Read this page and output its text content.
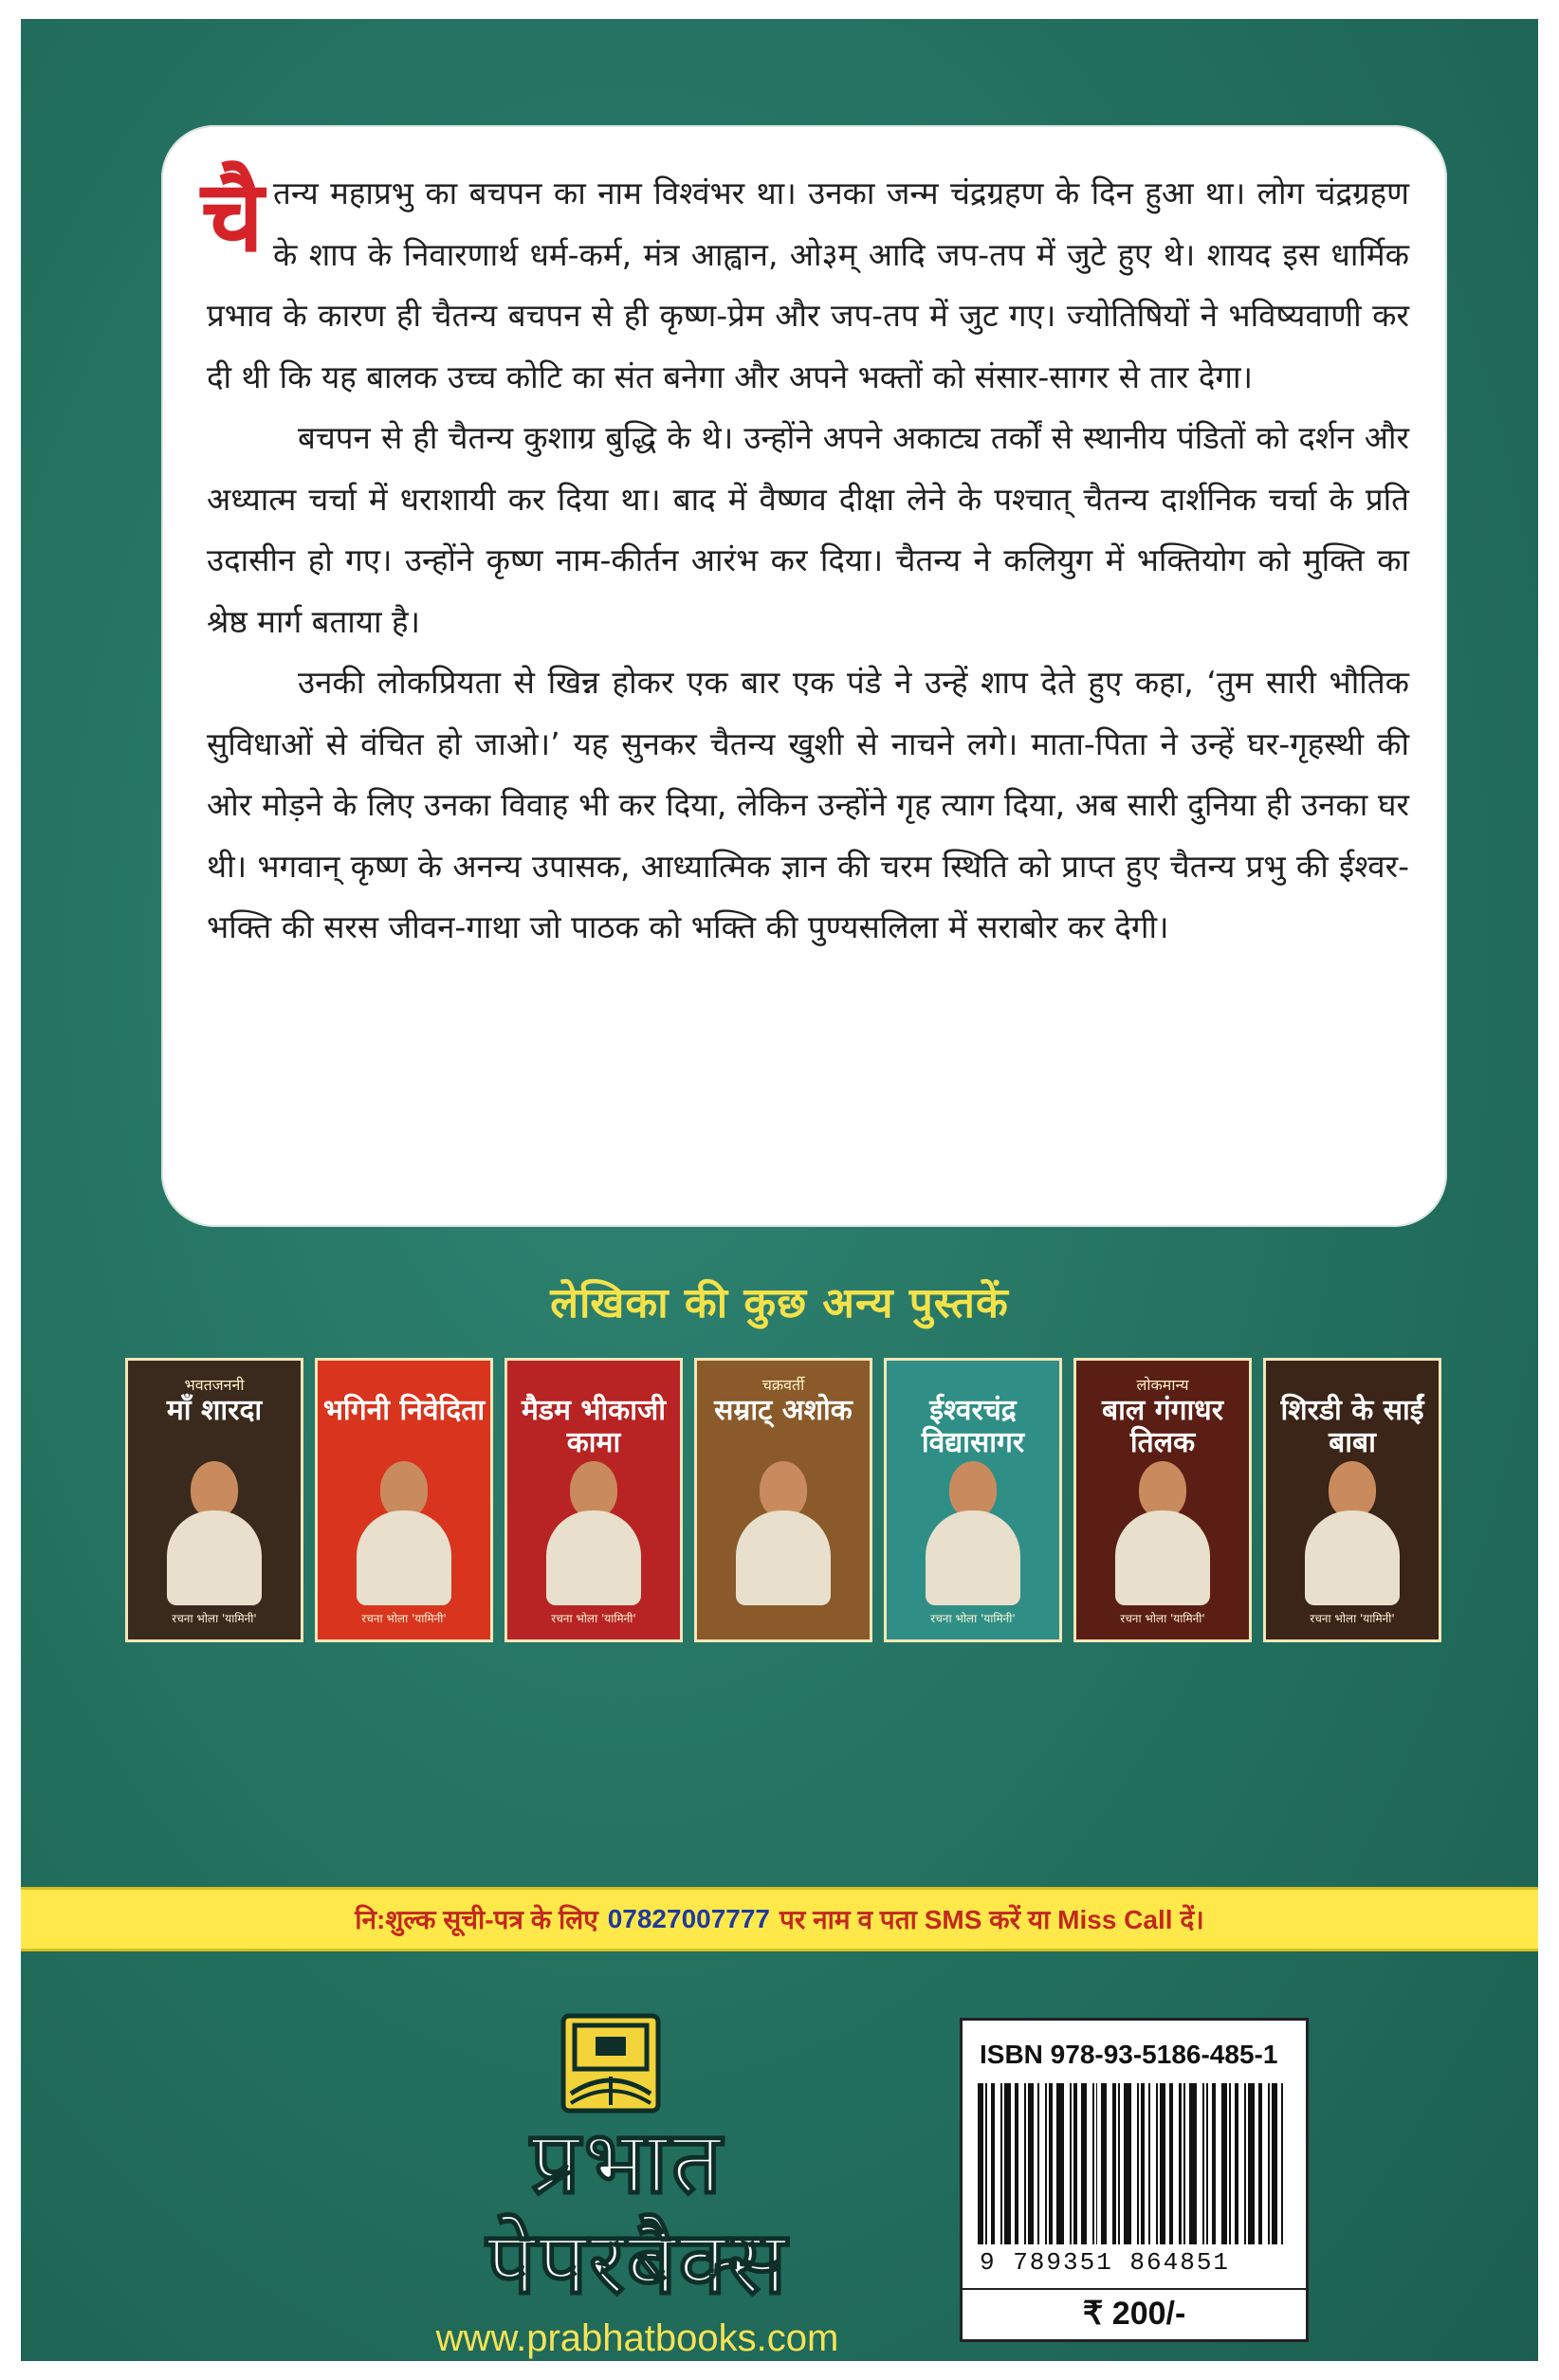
चैतन्य महाप्रभु का बचपन का नाम विश्वंभर था। उनका जन्म चंद्रग्रहण के दिन हुआ था। लोग चंद्रग्रहण के शाप के निवारणार्थ धर्म-कर्म, मंत्र आह्वान, ओ३म् आदि जप-तप में जुटे हुए थे। शायद इस धार्मिक प्रभाव के कारण ही चैतन्य बचपन से ही कृष्ण-प्रेम और जप-तप में जुट गए। ज्योतिषियों ने भविष्यवाणी कर दी थी कि यह बालक उच्च कोटि का संत बनेगा और अपने भक्तों को संसार-सागर से तार देगा।

बचपन से ही चैतन्य कुशाग्र बुद्धि के थे। उन्होंने अपने अकाट्य तर्कों से स्थानीय पंडितों को दर्शन और अध्यात्म चर्चा में धराशायी कर दिया था। बाद में वैष्णव दीक्षा लेने के पश्चात् चैतन्य दार्शनिक चर्चा के प्रति उदासीन हो गए। उन्होंने कृष्ण नाम-कीर्तन आरंभ कर दिया। चैतन्य ने कलियुग में भक्तियोग को मुक्ति का श्रेष्ठ मार्ग बताया है।

उनकी लोकप्रियता से खिन्न होकर एक बार एक पंडे ने उन्हें शाप देते हुए कहा, ‘तुम सारी भौतिक सुविधाओं से वंचित हो जाओ।’ यह सुनकर चैतन्य खुशी से नाचने लगे। माता-पिता ने उन्हें घर-गृहस्थी की ओर मोड़ने के लिए उनका विवाह भी कर दिया, लेकिन उन्होंने गृह त्याग दिया, अब सारी दुनिया ही उनका घर थी। भगवान् कृष्ण के अनन्य उपासक, आध्यात्मिक ज्ञान की चरम स्थिति को प्राप्त हुए चैतन्य प्रभु की ईश्वर-भक्ति की सरस जीवन-गाथा जो पाठक को भक्ति की पुण्यसलिला में सराबोर कर देगी।

लेखिका की कुछ अन्य पुस्तकें
भवतजननी
माँ शारदा
रचना भोला 'यामिनी'
भगिनी निवेदिता
रचना भोला 'यामिनी'
मैडम भीकाजी कामा
रचना भोला 'यामिनी'
चक्रवर्ती
सम्राट् अशोक	ईश्वरचंद्र विद्यासागर
रचना भोला 'यामिनी'
लोकमान्य
बाल गंगाधर तिलक
रचना भोला 'यामिनी'
शिरडी के साईं बाबा
रचना भोला 'यामिनी'
नि:शुल्क सूची-पत्र के लिए 07827007777 पर नाम व पता SMS करें या Miss Call दें।
प्रभात
पेपरबैक्स
www.prabhatbooks.com
ISBN 978-93-5186-485-1
9 789351 864851
₹ 200/-
